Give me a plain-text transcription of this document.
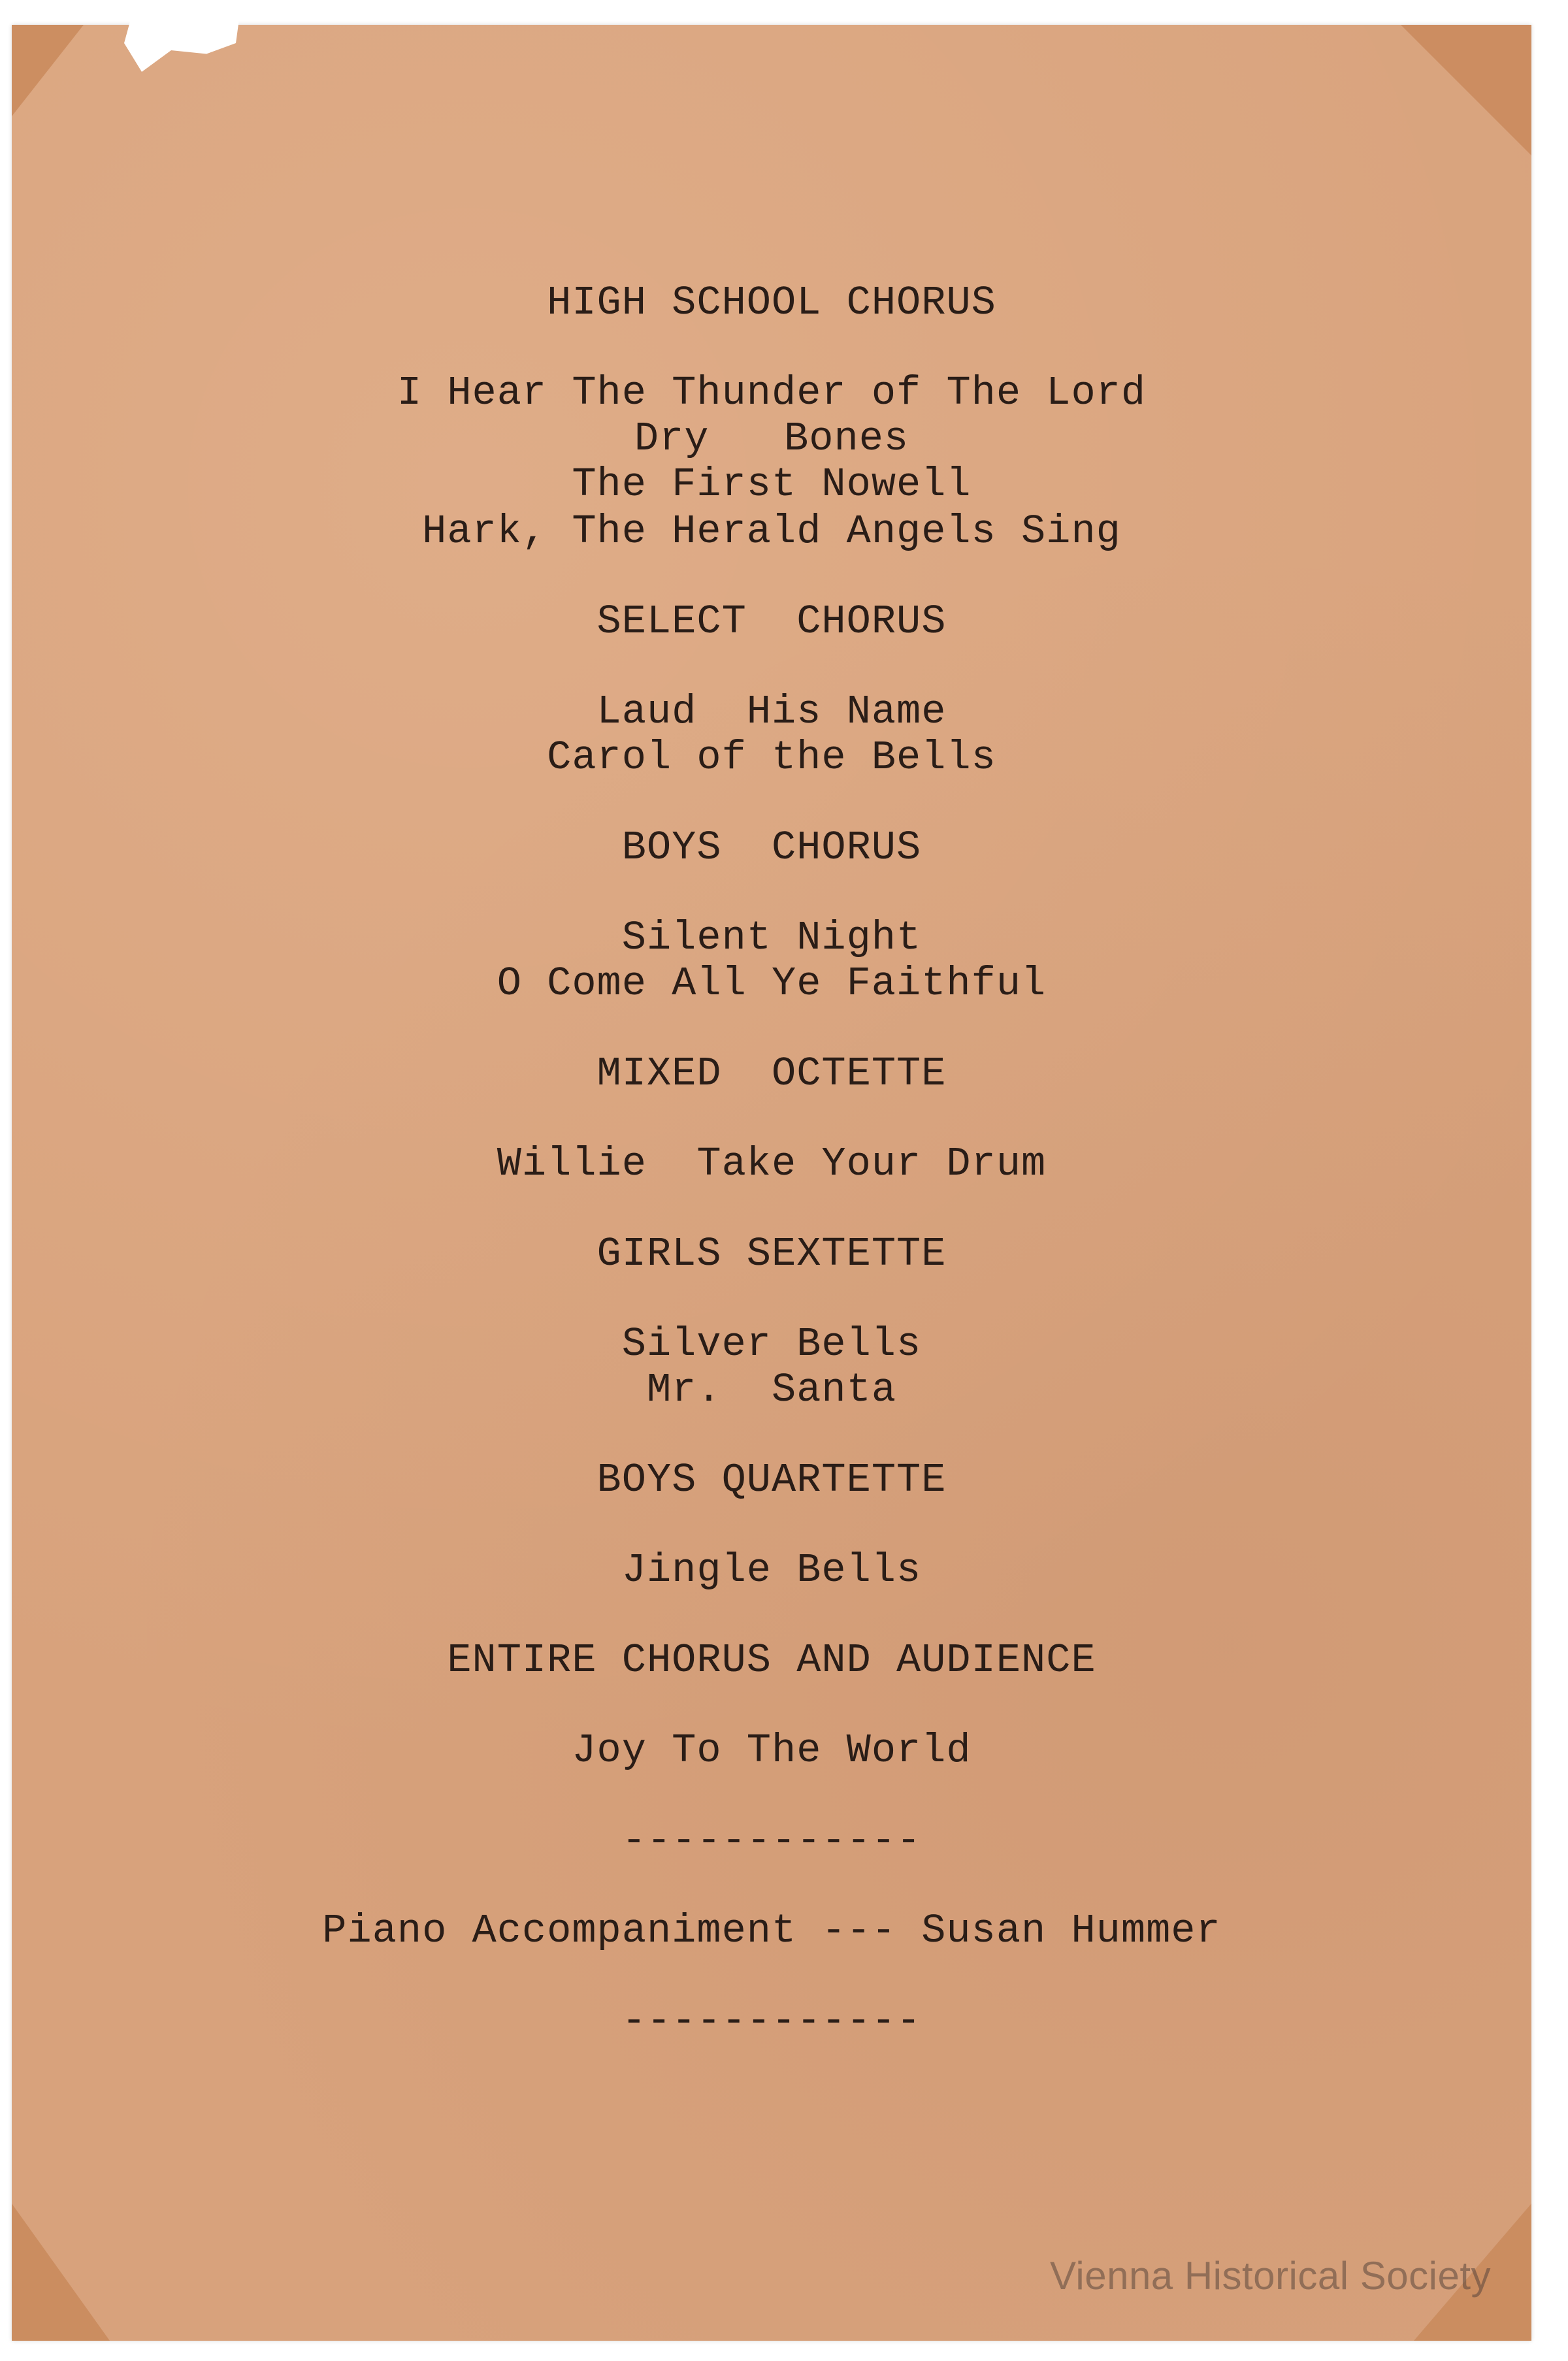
HIGH SCHOOL CHORUS
I Hear The Thunder of The Lord
Dry   Bones
The First Nowell
Hark, The Herald Angels Sing
SELECT  CHORUS
Laud  His Name
Carol of the Bells
BOYS  CHORUS
Silent Night
O Come All Ye Faithful
MIXED  OCTETTE
Willie  Take Your Drum
GIRLS SEXTETTE
Silver Bells
Mr.  Santa
BOYS QUARTETTE
Jingle Bells
ENTIRE CHORUS AND AUDIENCE
Joy To The World
------------
Piano Accompaniment --- Susan Hummer
------------
Vienna Historical Society
